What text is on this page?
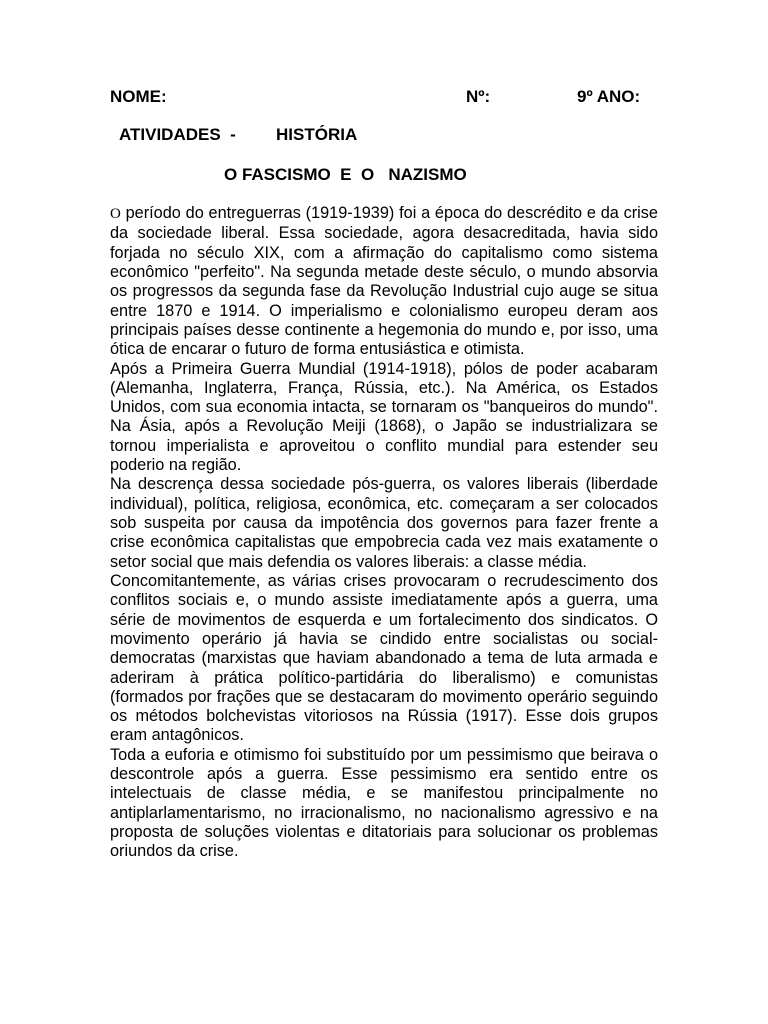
NOME:	Nº:	9º ANO:
ATIVIDADES  - HISTÓRIA
O FASCISMO  E  O   NAZISMO

O período do entreguerras (1919-1939) foi a época do descrédito e da crise da sociedade liberal. Essa sociedade, agora desacreditada, havia sido forjada no século XIX, com a afirmação do capitalismo como sistema econômico "perfeito". Na segunda metade deste século, o mundo absorvia os progressos da segunda fase da Revolução Industrial cujo auge se situa entre 1870 e 1914. O imperialismo e colonialismo europeu deram aos principais países desse continente a hegemonia do mundo e, por isso, uma ótica de encarar o futuro de forma entusiástica e otimista.

Após a Primeira Guerra Mundial (1914-1918), pólos de poder acabaram (Alemanha, Inglaterra, França, Rússia, etc.). Na América, os Estados Unidos, com sua economia intacta, se tornaram os "banqueiros do mundo". Na Ásia, após a Revolução Meiji (1868), o Japão se industrializara se tornou imperialista e aproveitou o conflito mundial para estender seu poderio na região.

Na descrença dessa sociedade pós-guerra, os valores liberais (liberdade individual), política, religiosa, econômica, etc. começaram a ser colocados sob suspeita por causa da impotência dos governos para fazer frente a crise econômica capitalistas que empobrecia cada vez mais exatamente o setor social que mais defendia os valores liberais: a classe média.

Concomitantemente, as várias crises provocaram o recrudescimento dos conflitos sociais e, o mundo assiste imediatamente após a guerra, uma série de movimentos de esquerda e um fortalecimento dos sindicatos. O movimento operário já havia se cindido entre socialistas ou social-democratas (marxistas que haviam abandonado a tema de luta armada e aderiram à prática político-partidária do liberalismo) e comunistas (formados por frações que se destacaram do movimento operário seguindo os métodos bolchevistas vitoriosos na Rússia (1917). Esse dois grupos eram antagônicos.

Toda a euforia e otimismo foi substituído por um pessimismo que beirava o descontrole após a guerra. Esse pessimismo era sentido entre os intelectuais de classe média, e se manifestou principalmente no antiplarlamentarismo, no irracionalismo, no nacionalismo agressivo e na proposta de soluções violentas e ditatoriais para solucionar os problemas oriundos da crise.
